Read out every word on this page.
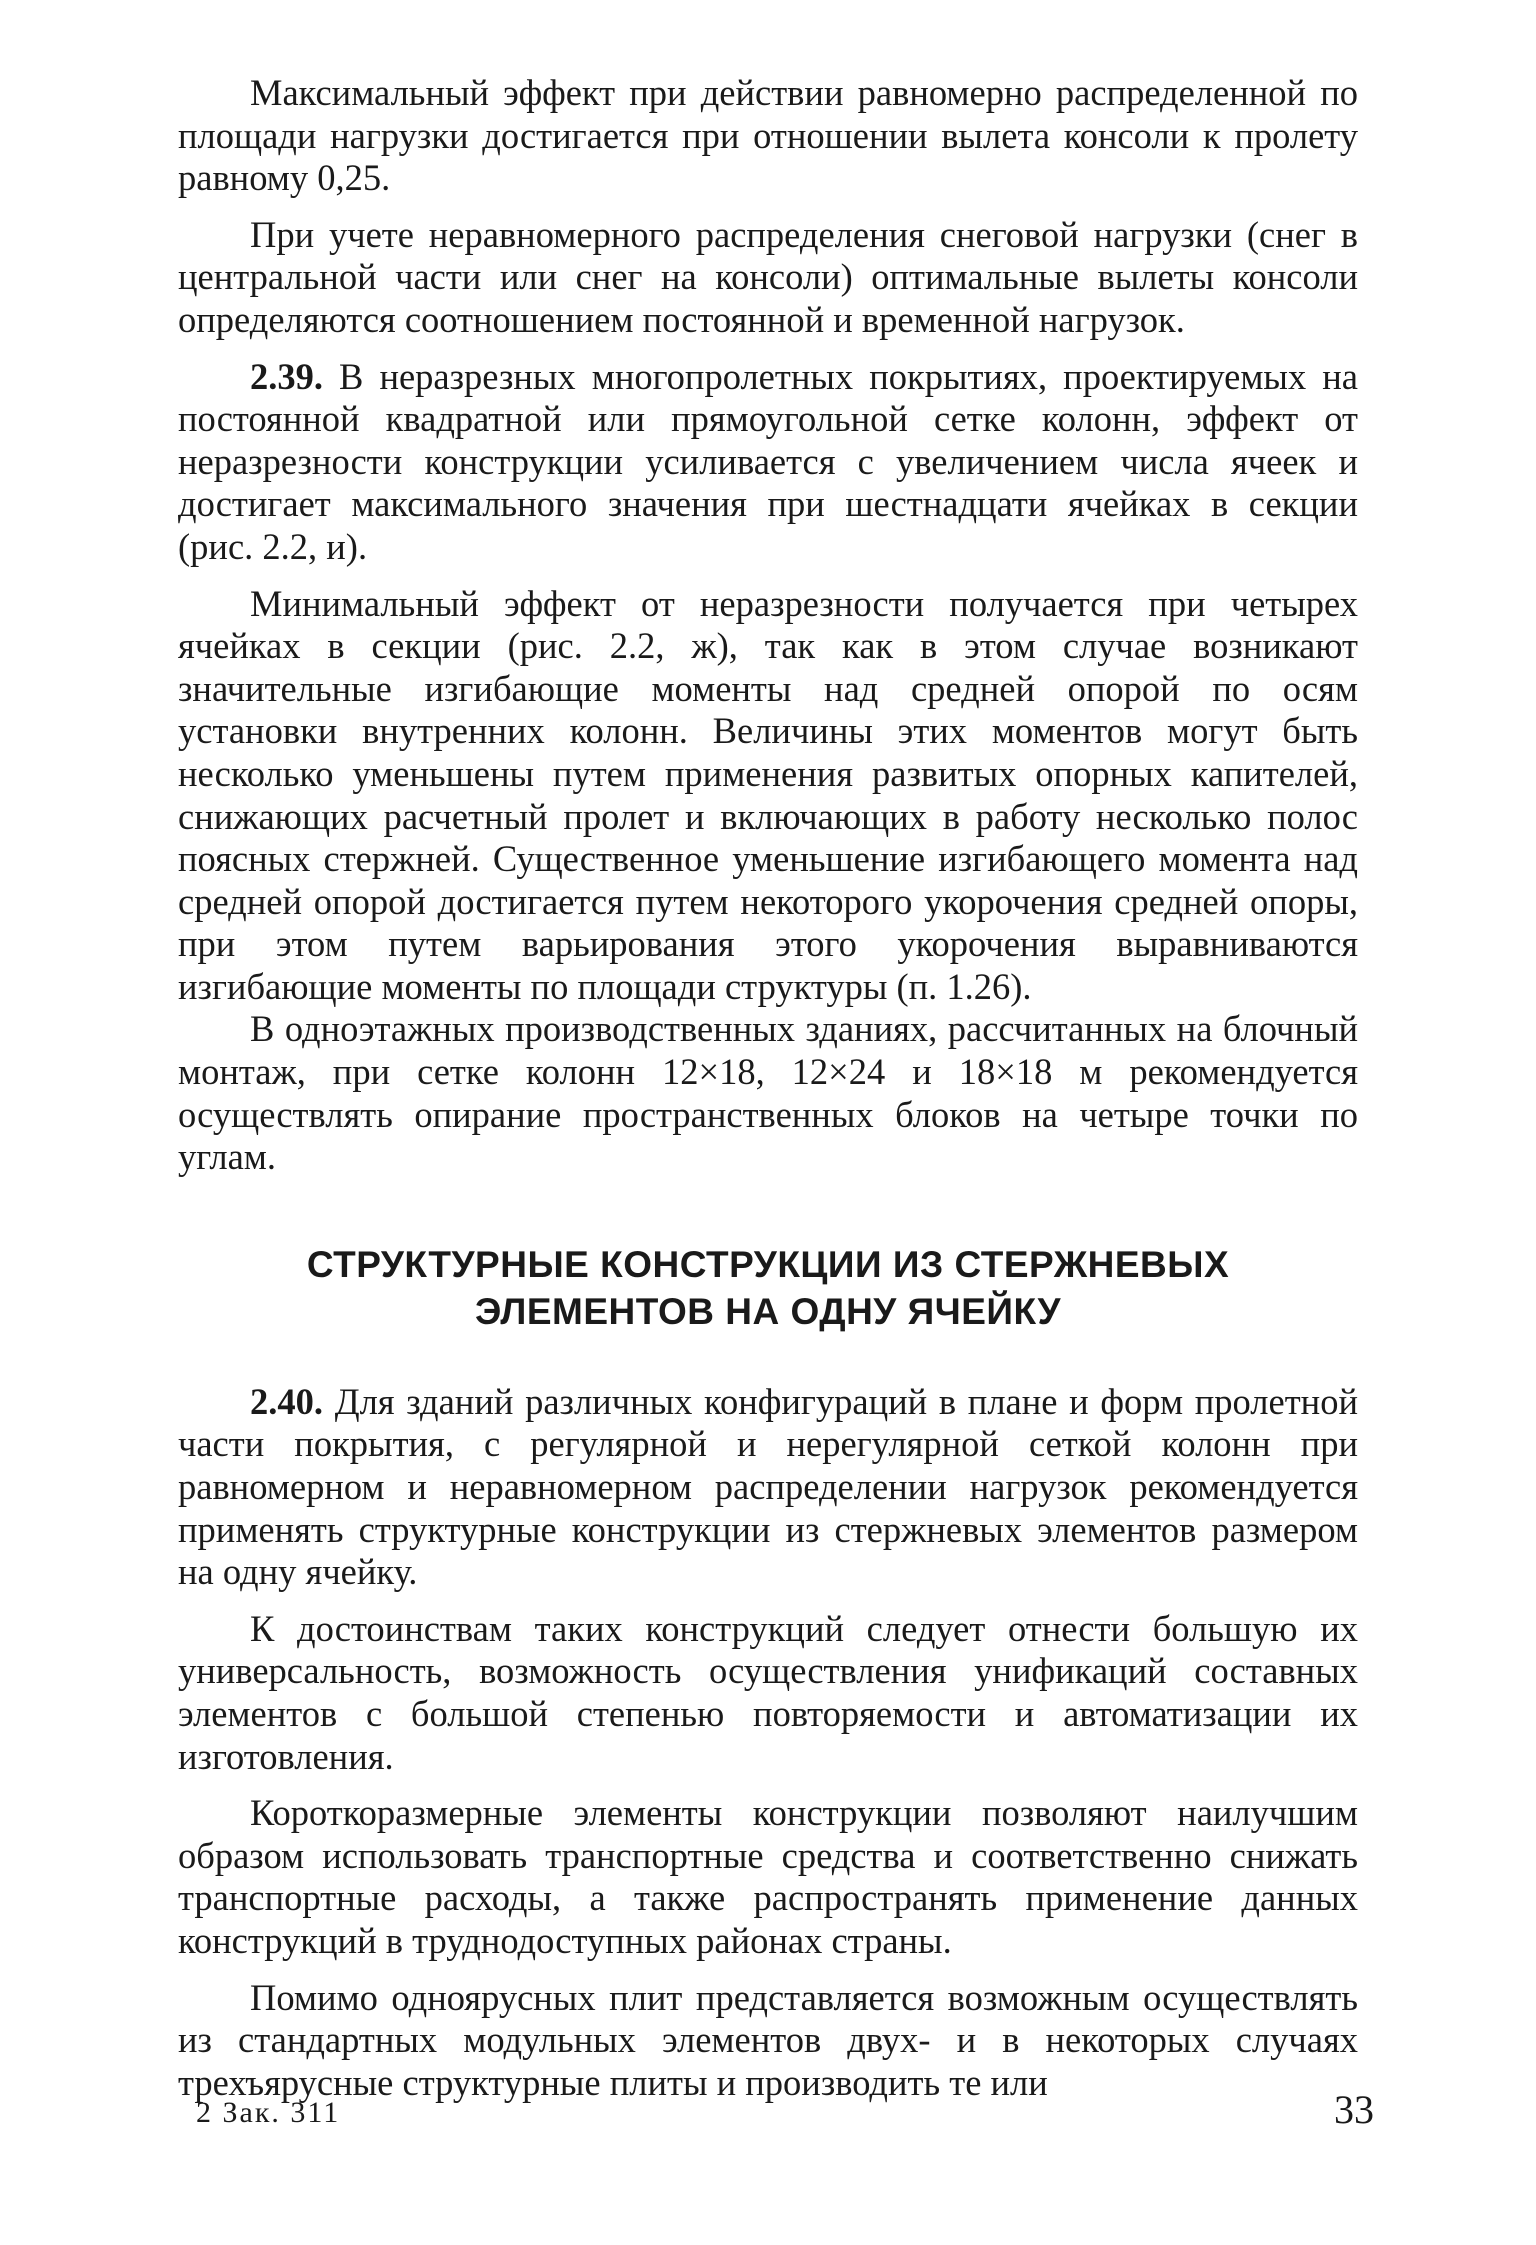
Максимальный эффект при действии равномерно распределенной по площади нагрузки достигается при отношении вылета консоли к пролету равному 0,25.

При учете неравномерного распределения снеговой нагрузки (снег в центральной части или снег на консоли) оптимальные вылеты консоли определяются соотношением постоянной и временной нагрузок.

2.39. В неразрезных многопролетных покрытиях, проектируемых на постоянной квадратной или прямоугольной сетке колонн, эффект от неразрезности конструкции усиливается с увеличением числа ячеек и достигает максимального значения при шестнадцати ячейках в секции (рис. 2.2, и).

Минимальный эффект от неразрезности получается при четырех ячейках в секции (рис. 2.2, ж), так как в этом случае возникают значительные изгибающие моменты над средней опорой по осям установки внутренних колонн. Величины этих моментов могут быть несколько уменьшены путем применения развитых опорных капителей, снижающих расчетный пролет и включающих в работу несколько полос поясных стержней. Существенное уменьшение изгибающего момента над средней опорой достигается путем некоторого укорочения средней опоры, при этом путем варьирования этого укорочения выравниваются изгибающие моменты по площади структуры (п. 1.26).

В одноэтажных производственных зданиях, рассчитанных на блочный монтаж, при сетке колонн 12×18, 12×24 и 18×18 м рекомендуется осуществлять опирание пространственных блоков на четыре точки по углам.

СТРУКТУРНЫЕ КОНСТРУКЦИИ ИЗ СТЕРЖНЕВЫХ
ЭЛЕМЕНТОВ НА ОДНУ ЯЧЕЙКУ

2.40. Для зданий различных конфигураций в плане и форм пролетной части покрытия, с регулярной и нерегулярной сеткой колонн при равномерном и неравномерном распределении нагрузок рекомендуется применять структурные конструкции из стержневых элементов размером на одну ячейку.

К достоинствам таких конструкций следует отнести большую их универсальность, возможность осуществления унификаций составных элементов с большой степенью повторяемости и автоматизации их изготовления.

Короткоразмерные элементы конструкции позволяют наилучшим образом использовать транспортные средства и соответственно снижать транспортные расходы, а также распространять применение данных конструкций в труднодоступных районах страны.

Помимо одноярусных плит представляется возможным осуществлять из стандартных модульных элементов двух- и в некоторых случаях трехъярусные структурные плиты и производить те или

2 Зак. 311	33
